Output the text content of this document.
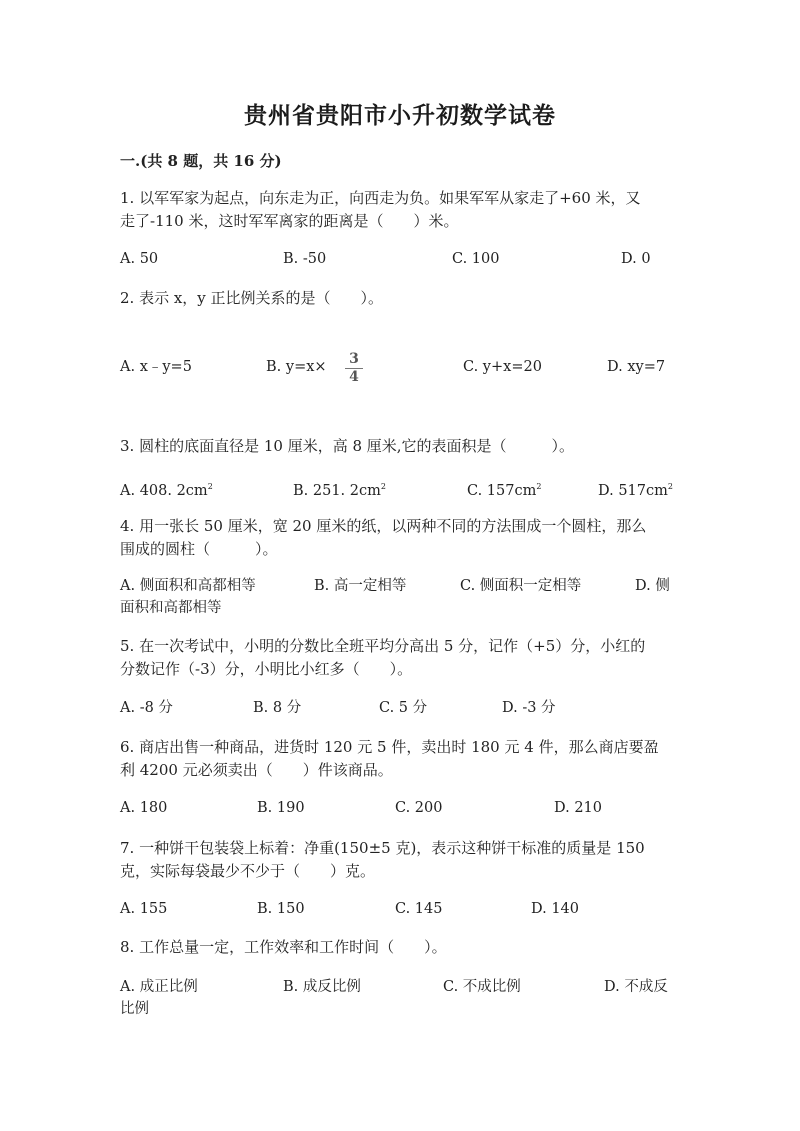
贵州省贵阳市小升初数学试卷
一.(共 8 题，共 16 分)
1. 以军军家为起点，向东走为正，向西走为负。如果军军从家走了+60 米，又
走了-110 米，这时军军离家的距离是（　　）米。
A. 50	B. -50	C. 100	D. 0
2. 表示 x，y 正比例关系的是（　　）。
A. x﹣y=5	B. y=x×	3
4
C. y+x=20	D. xy=7
3. 圆柱的底面直径是 10 厘米，高 8 厘米,它的表面积是（　　　）。
A. 408. $2cm^2$	B. 251. $2cm^2$	C. $157cm^2$	D. $517cm^2$
4. 用一张长 50 厘米，宽 20 厘米的纸，以两种不同的方法围成一个圆柱，那么
围成的圆柱（　　　）。
A. 侧面积和高都相等	B. 高一定相等	C. 侧面积一定相等	D. 侧
面积和高都相等
5. 在一次考试中，小明的分数比全班平均分高出 5 分，记作（+5）分，小红的
分数记作（-3）分，小明比小红多（　　）。
A. -8 分	B. 8 分	C. 5 分	D. -3 分
6. 商店出售一种商品，进货时 120 元 5 件，卖出时 180 元 4 件，那么商店要盈
利 4200 元必须卖出（　　）件该商品。
A. 180	B. 190	C. 200	D. 210
7. 一种饼干包装袋上标着：净重(150±5 克)，表示这种饼干标准的质量是 150
克，实际每袋最少不少于（　　）克。
A. 155	B. 150	C. 145	D. 140
8. 工作总量一定，工作效率和工作时间（　　）。
A. 成正比例	B. 成反比例	C. 不成比例	D. 不成反
比例
